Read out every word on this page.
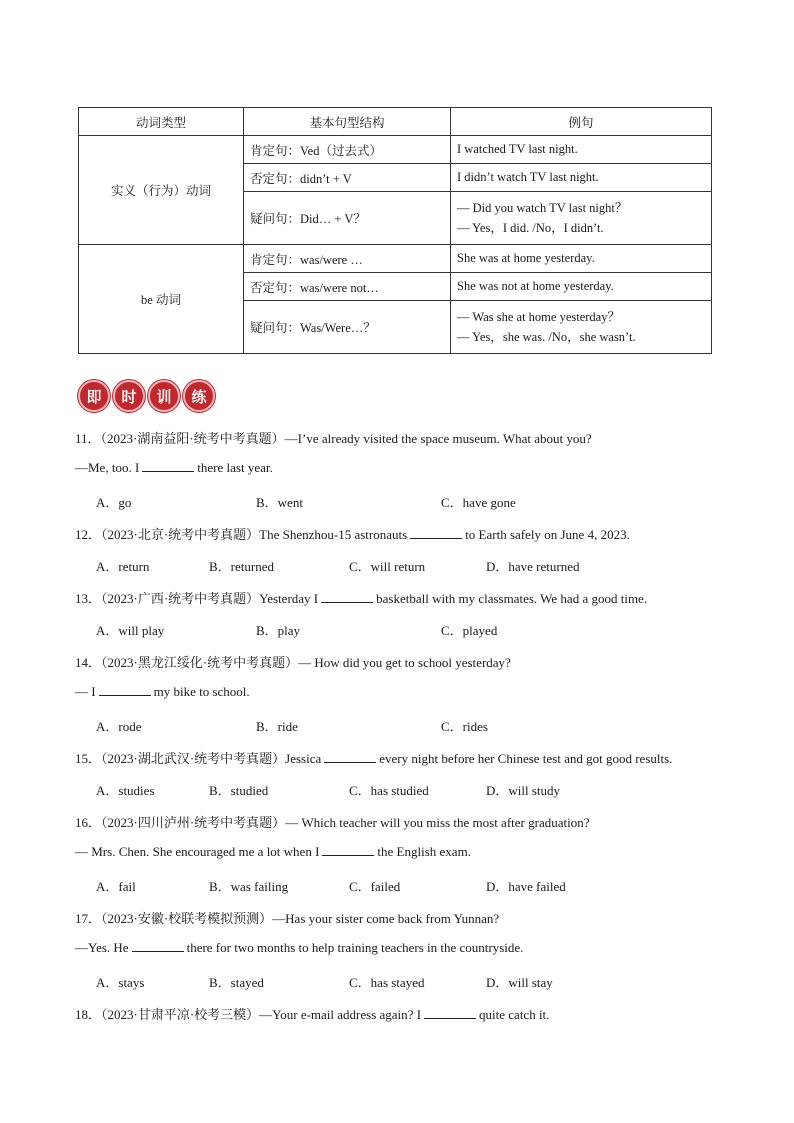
动词类型	基本句型结构	例句
实义（行为）动词	肯定句：Ved（过去式）	I watched TV last night.
	否定句：didn’t + V	I didn’t watch TV last night.
	疑问句：Did… + V？	— Did you watch TV last night？
— Yes，I did. /No，I didn’t.

be 动词	肯定句：was/were …	She was at home yesterday.
	否定句：was/were not…	She was not at home yesterday.
	疑问句：Was/Were…？	— Was she at home yesterday？
— Yes，she was. /No，she wasn’t.
即	时	训	练
11．（2023·湖南益阳·统考中考真题）—I’ve already visited the space museum. What about you?
—Me, too. I	there last year.
A．go	B．went	C．have gone
12．（2023·北京·统考中考真题）The Shenzhou-15 astronauts	to Earth safely on June 4, 2023.
A．return	B．returned	C．will return	D．have returned
13．（2023·广西·统考中考真题）Yesterday I	basketball with my classmates. We had a good time.
A．will play	B．play	C．played
14．（2023·黑龙江绥化·统考中考真题）— How did you get to school yesterday?
— I	my bike to school.
A．rode	B．ride	C．rides
15．（2023·湖北武汉·统考中考真题）Jessica	every night before her Chinese test and got good results.
A．studies	B．studied	C．has studied	D．will study
16．（2023·四川泸州·统考中考真题）— Which teacher will you miss the most after graduation?
— Mrs. Chen. She encouraged me a lot when I	the English exam.
A．fail	B．was failing	C．failed	D．have failed
17．（2023·安徽·校联考模拟预测）—Has your sister come back from Yunnan?
—Yes. He	there for two months to help training teachers in the countryside.
A．stays	B．stayed	C．has stayed	D．will stay
18．（2023·甘肃平凉·校考三模）—Your e-mail address again? I	quite catch it.
